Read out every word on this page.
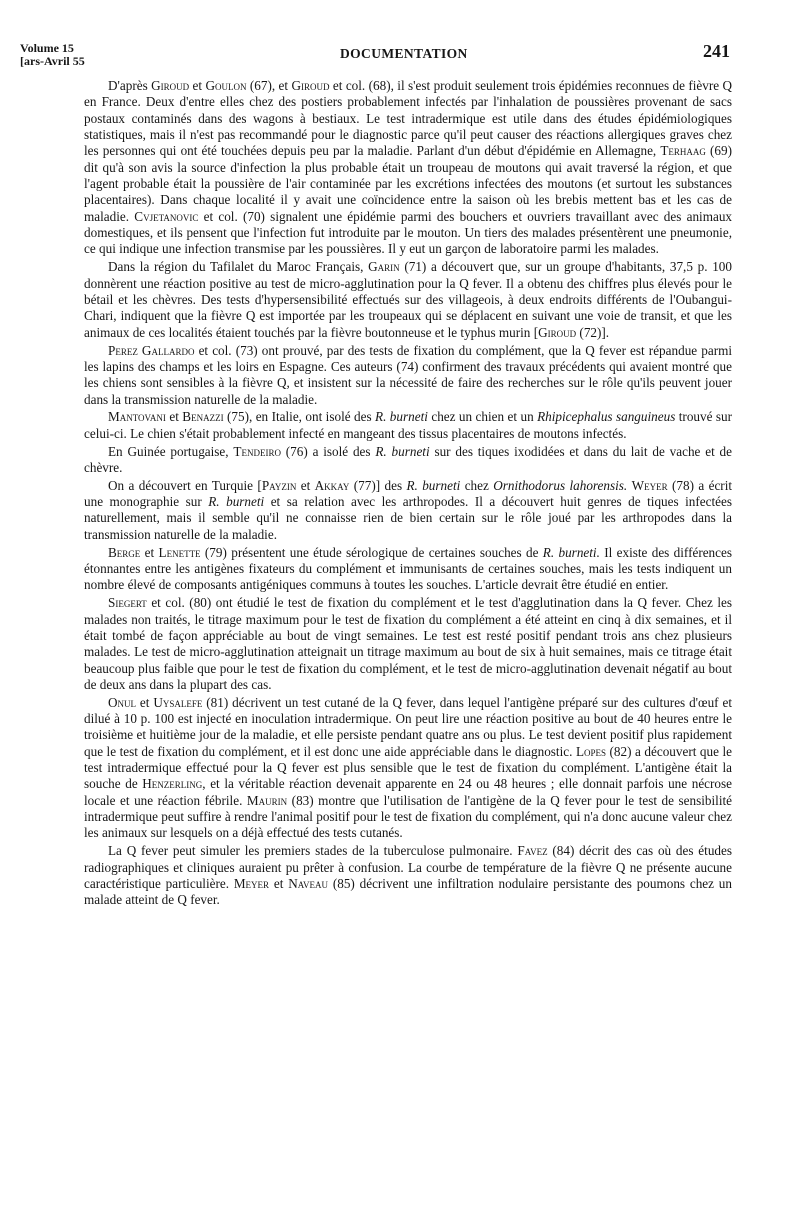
Volume 15
[ars-Avril 55	DOCUMENTATION	241

D'après Giroud et Goulon (67), et Giroud et col. (68), il s'est produit seulement trois épidémies reconnues de fièvre Q en France. Deux d'entre elles chez des postiers probablement infectés par l'inhalation de poussières provenant de sacs postaux contaminés dans des wagons à bestiaux. Le test intradermique est utile dans des études épidémiologiques statistiques, mais il n'est pas recommandé pour le diagnostic parce qu'il peut causer des réactions allergiques graves chez les personnes qui ont été touchées depuis peu par la maladie. Parlant d'un début d'épidémie en Allemagne, Terhaag (69) dit qu'à son avis la source d'infection la plus probable était un troupeau de moutons qui avait traversé la région, et que l'agent probable était la poussière de l'air contaminée par les excrétions infectées des moutons (et surtout les substances placentaires). Dans chaque localité il y avait une coïncidence entre la saison où les brebis mettent bas et les cas de maladie. Cvjetanovic et col. (70) signalent une épidémie parmi des bouchers et ouvriers travaillant avec des animaux domestiques, et ils pensent que l'infection fut introduite par le mouton. Un tiers des malades présentèrent une pneumonie, ce qui indique une infection transmise par les poussières. Il y eut un garçon de laboratoire parmi les malades.

Dans la région du Tafilalet du Maroc Français, Garin (71) a découvert que, sur un groupe d'habitants, 37,5 p. 100 donnèrent une réaction positive au test de micro-agglutination pour la Q fever. Il a obtenu des chiffres plus élevés pour le bétail et les chèvres. Des tests d'hypersensibilité effectués sur des villageois, à deux endroits différents de l'Oubangui-Chari, indiquent que la fièvre Q est importée par les troupeaux qui se déplacent en suivant une voie de transit, et que les animaux de ces localités étaient touchés par la fièvre boutonneuse et le typhus murin [Giroud (72)].

Perez Gallardo et col. (73) ont prouvé, par des tests de fixation du complément, que la Q fever est répandue parmi les lapins des champs et les loirs en Espagne. Ces auteurs (74) confirment des travaux précédents qui avaient montré que les chiens sont sensibles à la fièvre Q, et insistent sur la nécessité de faire des recherches sur le rôle qu'ils peuvent jouer dans la transmission naturelle de la maladie.

Mantovani et Benazzi (75), en Italie, ont isolé des R. burneti chez un chien et un Rhipicephalus sanguineus trouvé sur celui-ci. Le chien s'était probablement infecté en mangeant des tissus placentaires de moutons infectés.

En Guinée portugaise, Tendeiro (76) a isolé des R. burneti sur des tiques ixodidées et dans du lait de vache et de chèvre.

On a découvert en Turquie [Payzin et Akkay (77)] des R. burneti chez Ornithodorus lahorensis. Weyer (78) a écrit une monographie sur R. burneti et sa relation avec les arthropodes. Il a découvert huit genres de tiques infectées naturellement, mais il semble qu'il ne connaisse rien de bien certain sur le rôle joué par les arthropodes dans la transmission naturelle de la maladie.

Berge et Lenette (79) présentent une étude sérologique de certaines souches de R. burneti. Il existe des différences étonnantes entre les antigènes fixateurs du complément et immunisants de certaines souches, mais les tests indiquent un nombre élevé de composants antigéniques communs à toutes les souches. L'article devrait être étudié en entier.

Siegert et col. (80) ont étudié le test de fixation du complément et le test d'agglutination dans la Q fever. Chez les malades non traités, le titrage maximum pour le test de fixation du complément a été atteint en cinq à dix semaines, et il était tombé de façon appréciable au bout de vingt semaines. Le test est resté positif pendant trois ans chez plusieurs malades. Le test de micro-agglutination atteignait un titrage maximum au bout de six à huit semaines, mais ce titrage était beaucoup plus faible que pour le test de fixation du complément, et le test de micro-agglutination devenait négatif au bout de deux ans dans la plupart des cas.

Onul et Uysalefe (81) décrivent un test cutané de la Q fever, dans lequel l'antigène préparé sur des cultures d'œuf et dilué à 10 p. 100 est injecté en inoculation intradermique. On peut lire une réaction positive au bout de 40 heures entre le troisième et huitième jour de la maladie, et elle persiste pendant quatre ans ou plus. Le test devient positif plus rapidement que le test de fixation du complément, et il est donc une aide appréciable dans le diagnostic. Lopes (82) a découvert que le test intradermique effectué pour la Q fever est plus sensible que le test de fixation du complément. L'antigène était la souche de Henzerling, et la véritable réaction devenait apparente en 24 ou 48 heures ; elle donnait parfois une nécrose locale et une réaction fébrile. Maurin (83) montre que l'utilisation de l'antigène de la Q fever pour le test de sensibilité intradermique peut suffire à rendre l'animal positif pour le test de fixation du complément, qui n'a donc aucune valeur chez les animaux sur lesquels on a déjà effectué des tests cutanés.

La Q fever peut simuler les premiers stades de la tuberculose pulmonaire. Favez (84) décrit des cas où des études radiographiques et cliniques auraient pu prêter à confusion. La courbe de température de la fièvre Q ne présente aucune caractéristique particulière. Meyer et Naveau (85) décrivent une infiltration nodulaire persistante des poumons chez un malade atteint de Q fever.
